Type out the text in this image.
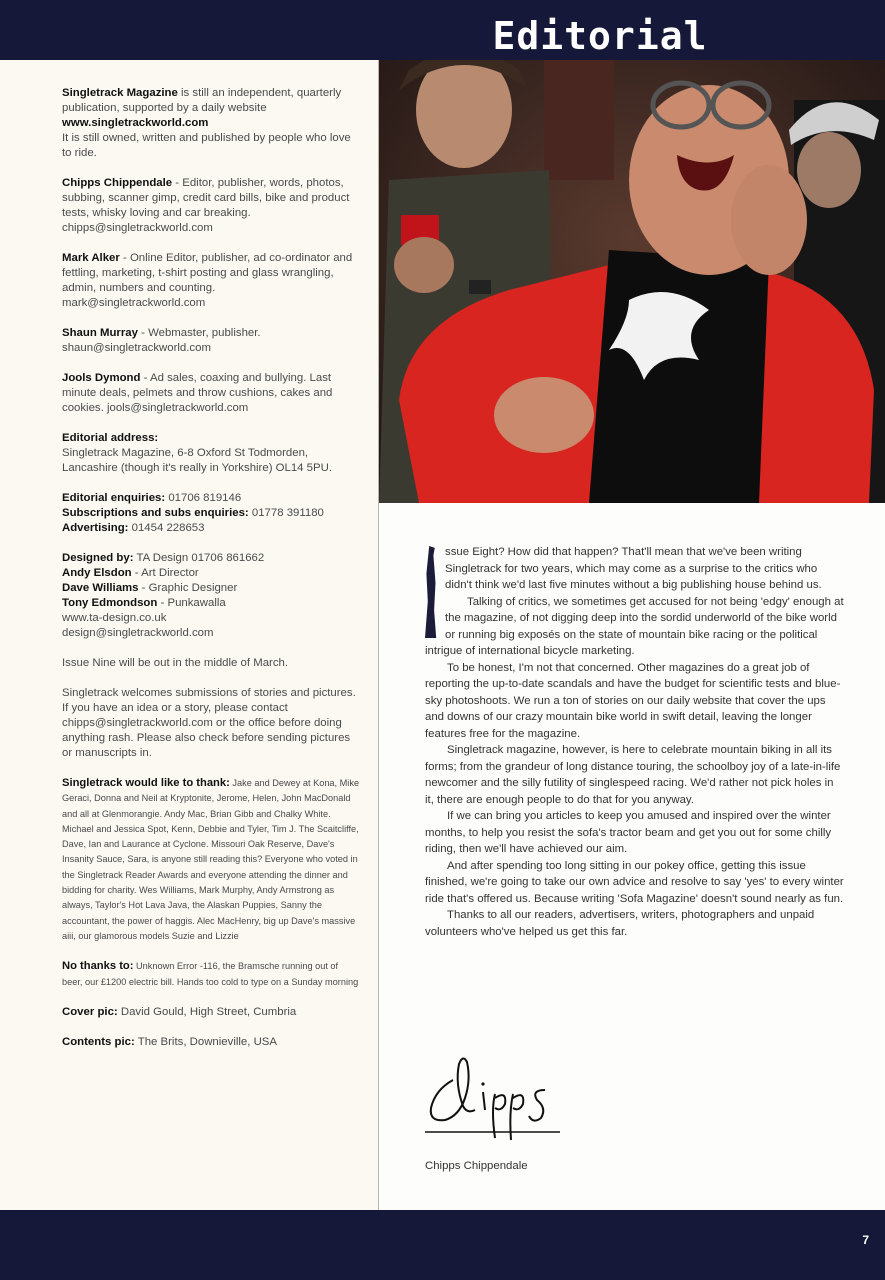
Editorial

Singletrack Magazine is still an independent, quarterly publication, supported by a daily website
www.singletrackworld.com
It is still owned, written and published by people who love to ride.

Chipps Chippendale - Editor, publisher, words, photos, subbing, scanner gimp, credit card bills, bike and product tests, whisky loving and car breaking. chipps@singletrackworld.com

Mark Alker - Online Editor, publisher, ad co-ordinator and fettling, marketing, t-shirt posting and glass wrangling, admin, numbers and counting. mark@singletrackworld.com

Shaun Murray - Webmaster, publisher. shaun@singletrackworld.com

Jools Dymond - Ad sales, coaxing and bullying. Last minute deals, pelmets and throw cushions, cakes and cookies. jools@singletrackworld.com

Editorial address:
Singletrack Magazine, 6-8 Oxford St Todmorden, Lancashire (though it's really in Yorkshire) OL14 5PU.

Editorial enquiries: 01706 819146
Subscriptions and subs enquiries: 01778 391180
Advertising: 01454 228653

Designed by: TA Design 01706 861662
Andy Elsdon - Art Director
Dave Williams - Graphic Designer
Tony Edmondson - Punkawalla
www.ta-design.co.uk
design@singletrackworld.com

Issue Nine will be out in the middle of March.

Singletrack welcomes submissions of stories and pictures. If you have an idea or a story, please contact chipps@singletrackworld.com or the office before doing anything rash. Please also check before sending pictures or manuscripts in.

Singletrack would like to thank: Jake and Dewey at Kona, Mike Geraci, Donna and Neil at Kryptonite, Jerome, Helen, John MacDonald and all at Glenmorangie. Andy Mac, Brian Gibb and Chalky White. Michael and Jessica Spot, Kenn, Debbie and Tyler, Tim J. The Scaitcliffe, Dave, Ian and Laurance at Cyclone. Missouri Oak Reserve, Dave's Insanity Sauce, Sara, is anyone still reading this? Everyone who voted in the Singletrack Reader Awards and everyone attending the dinner and bidding for charity. Wes Williams, Mark Murphy, Andy Armstrong as always, Taylor's Hot Lava Java, the Alaskan Puppies, Sanny the accountant, the power of haggis. Alec MacHenry, big up Dave's massive aiii, our glamorous models Suzie and Lizzie

No thanks to: Unknown Error -116, the Bramsche running out of beer, our £1200 electric bill. Hands too cold to type on a Sunday morning

Cover pic: David Gould, High Street, Cumbria

Contents pic: The Brits, Downieville, USA

ssue Eight? How did that happen? That'll mean that we've been writing Singletrack for two years, which may come as a surprise to the critics who didn't think we'd last five minutes without a big publishing house behind us.

Talking of critics, we sometimes get accused for not being 'edgy' enough at the magazine, of not digging deep into the sordid underworld of the bike world or running big exposés on the state of mountain bike racing or the political intrigue of international bicycle marketing.

To be honest, I'm not that concerned. Other magazines do a great job of reporting the up-to-date scandals and have the budget for scientific tests and blue-sky photoshoots. We run a ton of stories on our daily website that cover the ups and downs of our crazy mountain bike world in swift detail, leaving the longer features free for the magazine.

Singletrack magazine, however, is here to celebrate mountain biking in all its forms; from the grandeur of long distance touring, the schoolboy joy of a late-in-life newcomer and the silly futility of singlespeed racing. We'd rather not pick holes in it, there are enough people to do that for you anyway.

If we can bring you articles to keep you amused and inspired over the winter months, to help you resist the sofa's tractor beam and get you out for some chilly riding, then we'll have achieved our aim.

And after spending too long sitting in our pokey office, getting this issue finished, we're going to take our own advice and resolve to say 'yes' to every winter ride that's offered us. Because writing 'Sofa Magazine' doesn't sound nearly as fun.

Thanks to all our readers, advertisers, writers, photographers and unpaid volunteers who've helped us get this far.

Chipps Chippendale
7
